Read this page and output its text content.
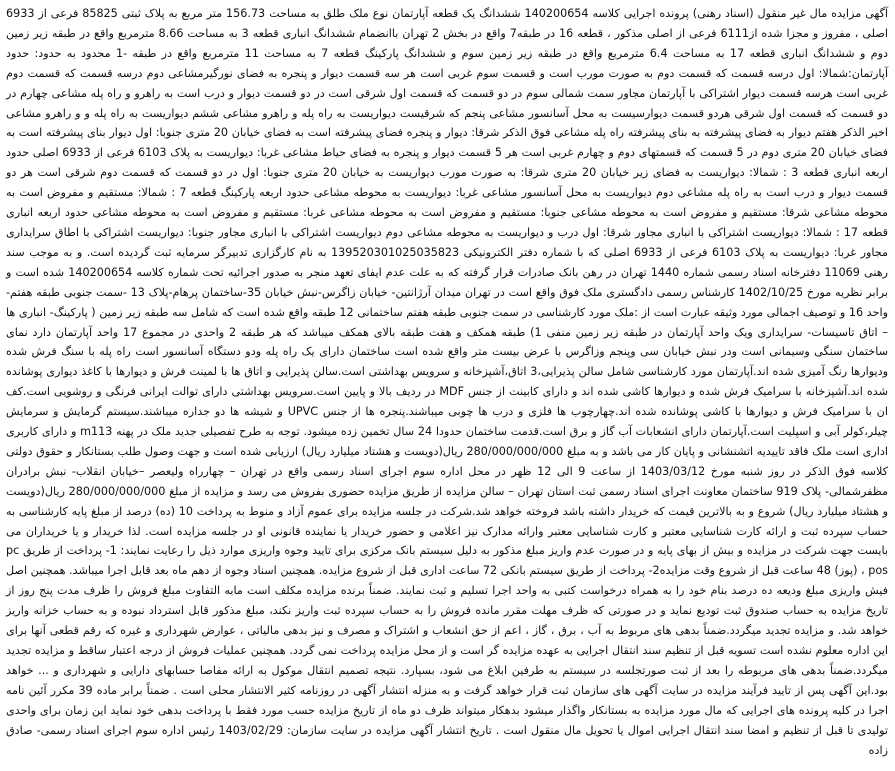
آگهی مزایده مال غیر منقول (اسناد رهنی) پرونده اجرایی کلاسه 140200654 ششدانگ یک قطعه آپارتمان نوع ملک طلق به مساحت 156.73 متر مربع به پلاک ثبتی 85825 فرعی از 6933 اصلی ، مفروز و مجزا شده از6111 فرعی از اصلی مذکور ، قطعه 16 در طبقه7 واقع در بخش 2 تهران باانضمام ششدانگ انباری قطعه 3 به مساحت 8.66 مترمربع واقع در طبقه زیر زمین دوم و ششدانگ انباری قطعه 17 به مساحت 6.4 مترمربع واقع در طبقه زیر زمین سوم و ششدانگ پارکینگ قطعه 7 به مساحت 11 مترمربع واقع در طبقه -1 محدود به حدود: حدود آپارتمان:شمالا: اول درسه قسمت که قسمت دوم به صورت مورب است و قسمت سوم غربی است هر سه قسمت دیوار و پنجره به فضای نورگیرمشاعی دوم درسه قسمت که قسمت دوم غربی است هرسه قسمت دیوار اشتراکی با آپارتمان مجاور سمت شمالی سوم در دو قسمت که قسمت اول شرقی است در دو قسمت دیوار و درب است به راهرو و راه پله مشاعی چهارم در دو قسمت که قسمت اول شرقی هردو قسمت دیوارسیست به محل آسانسور مشاعی پنجم که شرقیست دیواریست به راه پله و راهرو مشاعی ششم دیواریست به راه پله و و راهرو مشاعی اخیر الذکر هفتم دیوار به فضای پیشرفته به بنای پیشرفته راه پله مشاعی فوق الذکر شرقا: دیوار و پنجره فضای پیشرفته است به فضای خیابان 20 متری جنوبا: اول دیوار بنای پیشرفته است به فضای خیابان 20 متری دوم در 5 قسمت که قسمتهای دوم و چهارم غربی است هر 5 قسمت دیوار و پنجره به فضای حیاط مشاعی غربا: دیواریست به پلاک 6103 فرعی از 6933 اصلی حدود اربعه انباری قطعه 3 : شمالا: دیواریست به فضای زیر خیابان 20 متری شرقا: به صورت مورب دیواریست به خیابان 20 متری جنوبا: اول در دو قسمت که قسمت دوم شرقی است هر دو قسمت دیوار و درب است به راه پله مشاعی دوم دیواریست به محل آسانسور مشاعی غربا: دیواریست به محوطه مشاعی حدود اربعه پارکینگ قطعه 7 : شمالا: مستقیم و مفروض است به محوطه مشاعی شرقا: مستقیم و مفروض است به محوطه مشاعی جنوبا: مستقیم و مفروض است به محوطه مشاعی غربا: مستقیم و مفروض است به محوطه مشاعی حدود اربعه انباری قطعه 17 : شمالا: دیواریست اشتراکی با انباری مجاور شرقا: اول درب و دیواریست به محوطه مشاعی دوم دیواریست اشتراکی با انباری مجاور جنوبا: دیواریست اشتراکی با اطاق سرایداری مجاور غربا: دیواریست به پلاک 6103 فرعی از 6933 اصلی که با شماره دفتر الکترونیکی 139520301025035823 به نام کارگزاری تدبیرگر سرمایه ثبت گردیده است. و به موجب سند رهنی 11069 دفترخانه اسناد رسمی شماره 1440 تهران در رهن بانک صادرات قرار گرفته که به علت عدم ایفای تعهد منجر به صدور اجرائیه تحت شماره کلاسه 140200654 شده است و برابر نظریه مورخ 1402/10/25 کارشناس رسمی دادگستری ملک فوق واقع است در تهران میدان آرژانتین- خیابان زاگرس-نبش خیابان 35-ساختمان پرهام-پلاک 13 -سمت جنوبی طبقه هفتم-واحد 16 و توصیف اجمالی مورد وثیقه عبارت است از :ملک مورد کارشناسی در سمت جنوبی طبقه هفتم ساختمانی 12 طبقه واقع شده است که شامل سه طبقه زیر زمین ( پارکینگ- انباری ها – اتاق تاسیسات- سرایداری ویک واحد آپارتمان در طبقه زیر زمین منفی 1) طبقه همکف و هفت طبقه بالای همکف میباشد که هر طبقه 2 واحدی در مجموع 17 واحد آپارتمان دارد نمای ساختمان سنگی وسیمانی است ودر نبش خیابان سی وپنجم وزاگرس با عرض بیست متر واقع شده است ساختمان دارای یک راه پله ودو دستگاه آسانسور است راه پله با سنگ فرش شده ودیوارها رنگ آمیزی شده اند.آپارتمان مورد کارشناسی شامل سالن پذیرایی،3 اتاق،آشپزخانه و سرویس بهداشتی است.سالن پذیرایی و اتاق ها با لمینت فرش و دیوارها با کاغذ دیواری پوشانده شده اند.آشپزخانه با سرامیک فرش شده و دیوارها کاشی شده اند و دارای کابینت از جنس MDF در ردیف بالا و پایین است.سرویس بهداشتی دارای توالت ایرانی فرنگی و روشویی است.کف ان با سرامیک فرش و دیوارها با کاشی پوشانده شده اند.چهارچوب ها فلزی و درب ها چوبی میباشند.پنجره ها از جنس UPVC و شیشه ها دو جداره میباشند.سیستم گرمایش و سرمایش چیلر،کولر آبی و اسپلیت است.آپارتمان دارای انشعابات آب گاز و برق است.قدمت ساختمان حدودا 24 سال تخمین زده میشود. توجه به طرح تفصیلی جدید ملک در پهنه m113 و دارای کاربری اداری است ملک فاقد تاییدیه اتشنشانی و پایان کار می باشد و به مبلغ 280/000/000/000 ریال(دویست و هشتاد میلیارد ریال) ارزیابی شده است و جهت وصول طلب بستانکار و حقوق دولتی کلاسه فوق الذکر در روز شنبه مورخ 1403/03/12 از ساعت 9 الی 12 ظهر در محل اداره سوم اجرای اسناد رسمی واقع در تهران – چهارراه ولیعصر –خیابان انقلاب- نبش برادران مظفرشمالی- پلاک 919 ساختمان معاونت اجرای اسناد رسمی ثبت استان تهران – سالن مزایده از طریق مزایده حضوری بفروش می رسد و مزایده از مبلغ 280/000/000/000 ریال(دویست و هشتاد میلیارد ریال) شروع و به بالاترین قیمت که خریدار داشته باشد فروخته خواهد شد.شرکت در جلسه مزایده برای عموم آزاد و منوط به پرداخت 10 (ده) درصد از مبلغ پایه کارشناسی به حساب سپرده ثبت و ارائه کارت شناسایی معتبر و کارت شناسایی معتبر وارائه مدارک نیز اعلامی و حضور خریدار یا نماینده قانونی او در جلسه مزایده است. لذا خریدار و یا خریداران می بایست جهت شرکت در مزایده و بیش از بهای پایه و در صورت عدم واریز مبلغ مذکور به دلیل سیستم بانک مرکزی برای تایید وجوه واریزی موارد ذیل را رعایت نمایند: 1- پرداخت از طریق pc pos ، (پوز) 48 ساعت قبل از شروع وقت مزایده2- پرداخت از طریق سیستم بانکی 72 ساعت اداری قبل از شروع مزایده. همچنین اسناد وجوه از دهم ماه بعد قابل اجرا میباشد. همچنین اصل فیش واریزی مبلغ ودیعه ده درصد بنام خود را به همراه درخواست کتبی به واحد اجرا تسلیم و ثبت نمایند. ضمناً برنده مزایده مکلف است مابه التفاوت مبلغ فروش را ظرف مدت پنج روز از تاریخ مزایده به حساب صندوق ثبت تودیع نماید و در صورتی که ظرف مهلت مقرر مانده فروش را به حساب سپرده ثبت واریز نکند، مبلغ مذکور قابل استرداد نبوده و به حساب خزانه واریز خواهد شد. و مزایده تجدید میگردد.ضمناً بدهی های مربوط به آب ، برق ، گاز ، اعم از حق انشعاب و اشتراک و مصرف و نیز بدهی مالیاتی ، عوارض شهرداری و غیره که رقم قطعی آنها برای این اداره معلوم نشده است تسویه قبل از تنظیم سند انتقال اجرایی به عهده مزایده گر است و از محل مزایده پرداخت نمی گردد. همچنین عملیات فروش از درجه اعتبار ساقط و مزایده تجدید میگردد.ضمناً بدهی های مربوطه را بعد از ثبت صورتجلسه در سیستم به طرفین ابلاغ می شود، بسپارد. نتیجه تصمیم انتقال موکول به ارائه مفاصا حسابهای دارایی و شهرداری و ... خواهد بود.این آگهی پس از تایید فرآیند مزایده در سایت آگهی های سازمان ثبت قرار خواهد گرفت و به منزله انتشار آگهی در روزنامه کثیر الانتشار محلی است . ضمناً برابر ماده 39 مکرر آئین نامه اجرا در کلیه پرونده های اجرایی که مال مورد مزایده به بستانکار واگذار میشود بدهکار میتواند ظرف دو ماه از تاریخ مزایده حسب مورد فقط با پرداخت بدهی خود نماید این زمان برای واحدی تولیدی تا قبل از تنظیم و امضا سند انتقال اجرایی اموال یا تحویل مال منقول است . تاریخ انتشار آگهی مزایده در سایت سازمان: 1403/02/29 رئیس اداره سوم اجرای اسناد رسمی- صادق زاده
